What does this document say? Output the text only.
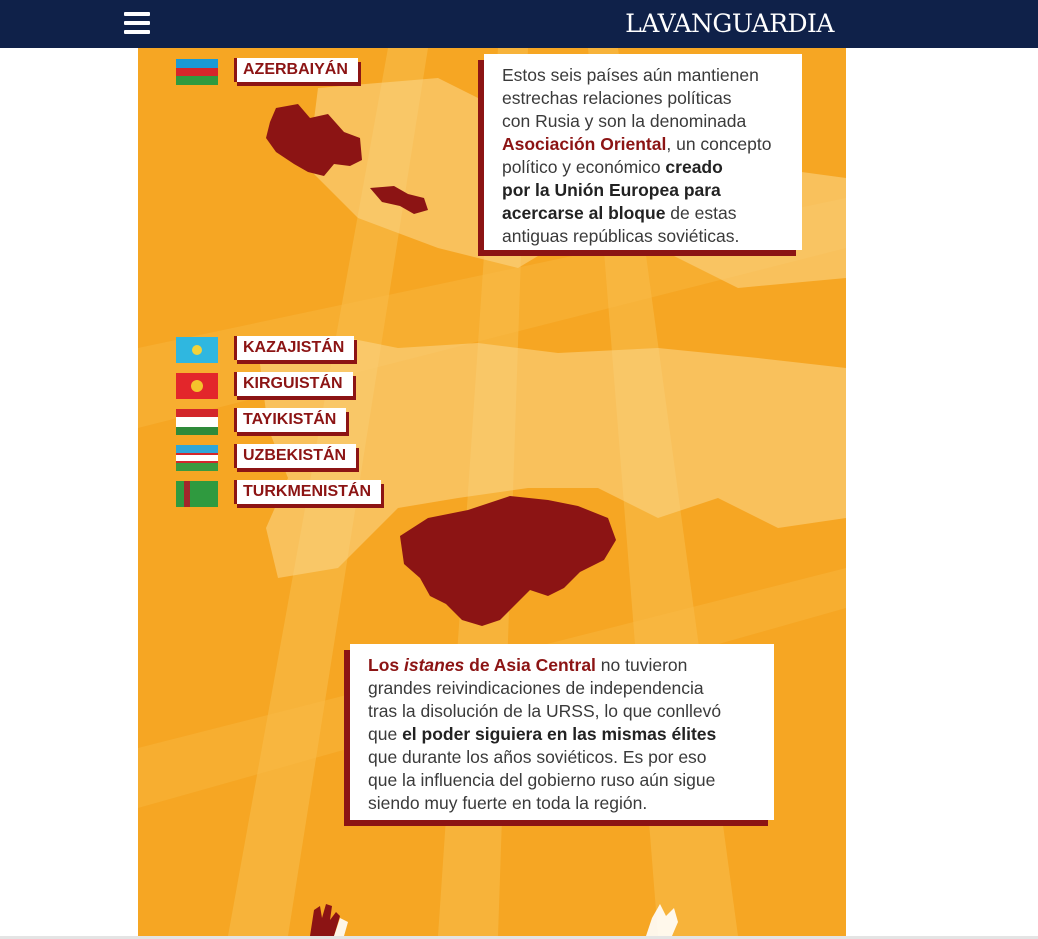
LAVANGUARDIA
AZERBAIYÁN	Estos seis países aún mantienen
estrechas relaciones políticas
con Rusia y son la denominada
Asociación Oriental, un concepto
político y económico creado
por la Unión Europea para
acercarse al bloque de estas
antiguas repúblicas soviéticas.
KAZAJISTÁN
KIRGUISTÁN
TAYIKISTÁN
UZBEKISTÁN
TURKMENISTÁN
Los istanes de Asia Central no tuvieron
grandes reivindicaciones de independencia
tras la disolución de la URSS, lo que conllevó
que el poder siguiera en las mismas élites
que durante los años soviéticos. Es por eso
que la influencia del gobierno ruso aún sigue
siendo muy fuerte en toda la región.
